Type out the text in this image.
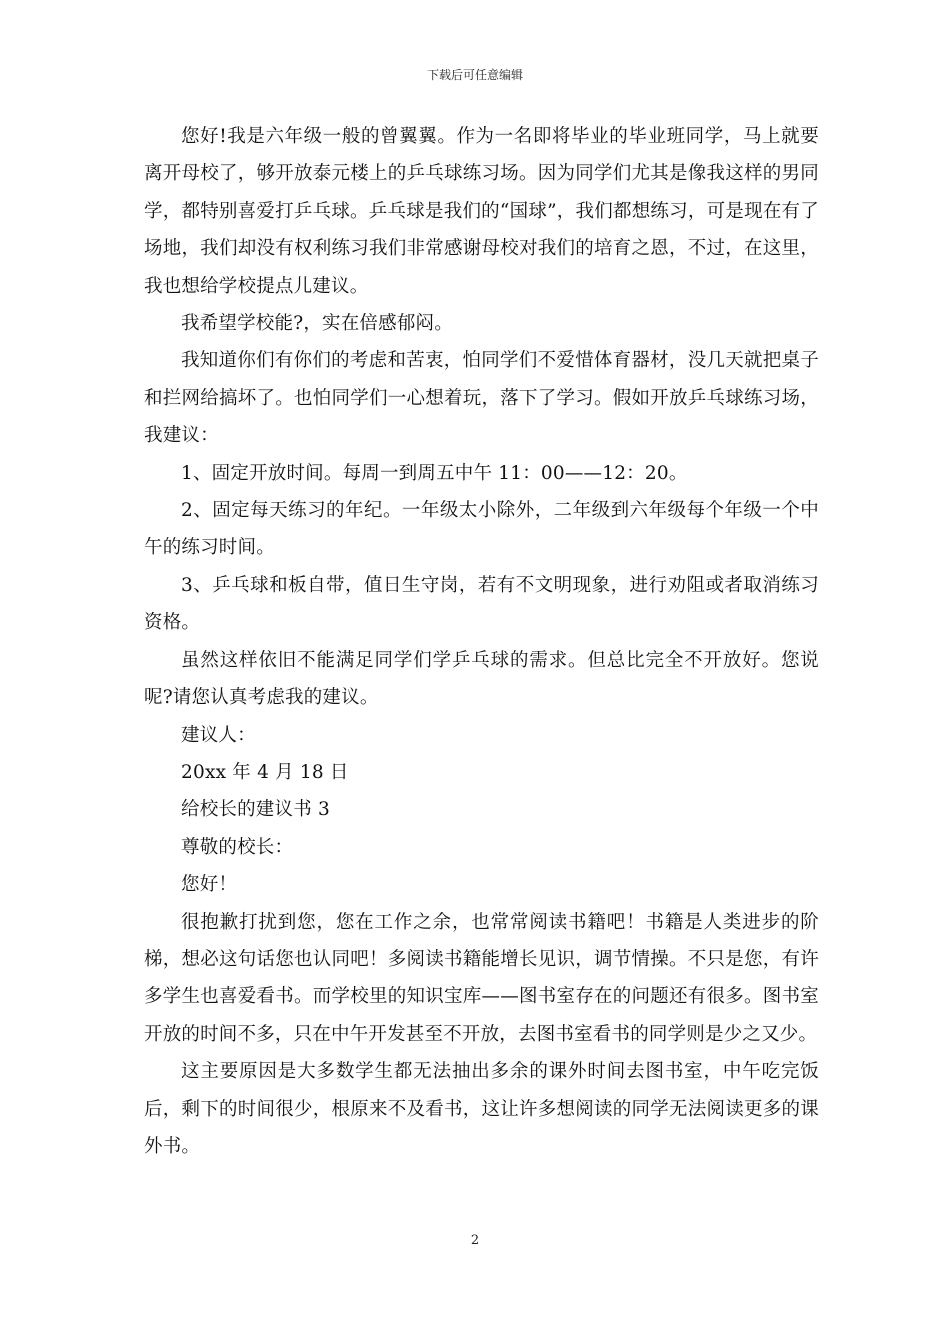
下载后可任意编辑

您好!我是六年级一般的曾翼翼。作为一名即将毕业的毕业班同学，马上就要离开母校了，够开放泰元楼上的乒乓球练习场。因为同学们尤其是像我这样的男同学，都特别喜爱打乒乓球。乒乓球是我们的“国球”，我们都想练习，可是现在有了场地，我们却没有权利练习我们非常感谢母校对我们的培育之恩，不过，在这里，我也想给学校提点儿建议。

我希望学校能?，实在倍感郁闷。

我知道你们有你们的考虑和苦衷，怕同学们不爱惜体育器材，没几天就把桌子和拦网给搞坏了。也怕同学们一心想着玩，落下了学习。假如开放乒乓球练习场，我建议：

1、固定开放时间。每周一到周五中午 11：00——12：20。

2、固定每天练习的年纪。一年级太小除外，二年级到六年级每个年级一个中午的练习时间。

3、乒乓球和板自带，值日生守岗，若有不文明现象，进行劝阻或者取消练习资格。

虽然这样依旧不能满足同学们学乒乓球的需求。但总比完全不开放好。您说呢?请您认真考虑我的建议。

建议人：

20xx 年 4 月 18 日

给校长的建议书 3

尊敬的校长：

您好！

很抱歉打扰到您，您在工作之余，也常常阅读书籍吧！书籍是人类进步的阶梯，想必这句话您也认同吧！多阅读书籍能增长见识，调节情操。不只是您，有许多学生也喜爱看书。而学校里的知识宝库——图书室存在的问题还有很多。图书室开放的时间不多，只在中午开发甚至不开放，去图书室看书的同学则是少之又少。

这主要原因是大多数学生都无法抽出多余的课外时间去图书室，中午吃完饭后，剩下的时间很少，根原来不及看书，这让许多想阅读的同学无法阅读更多的课外书。

2
